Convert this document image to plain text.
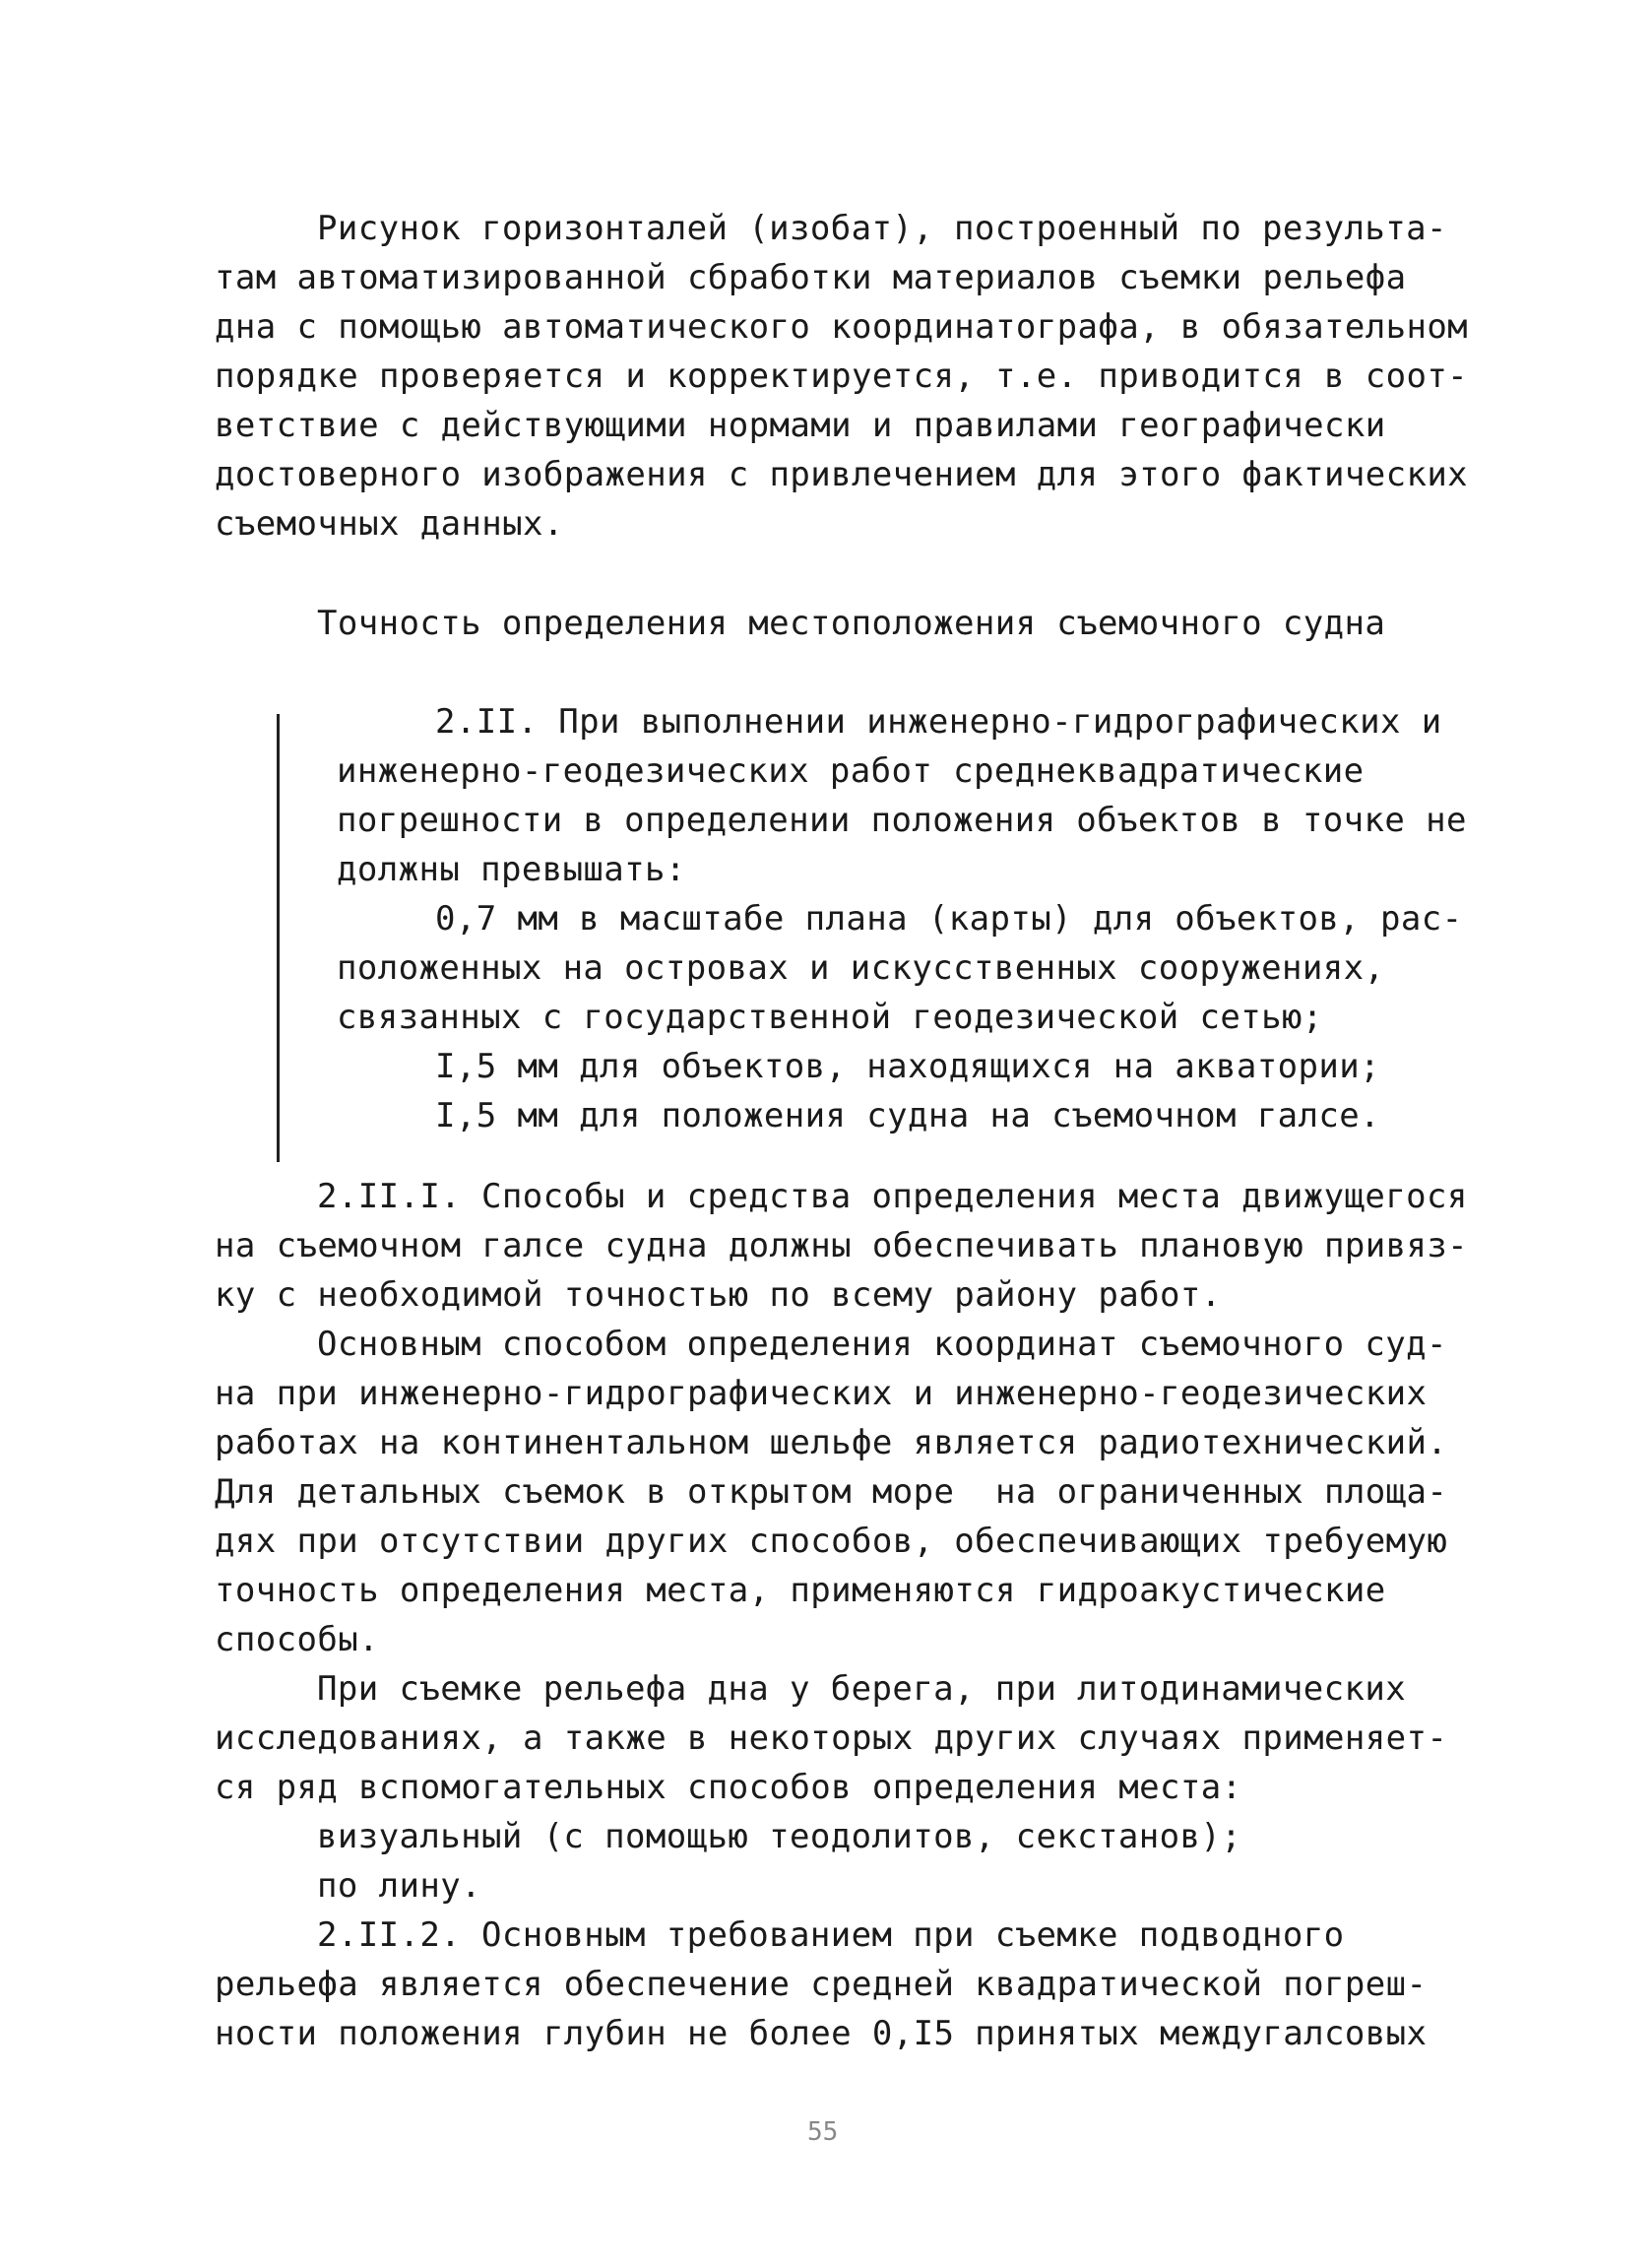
Рисунок горизонталей (изобат), построенный по результа-
там автоматизированной сбработки материалов съемки рельефа
дна с помощью автоматического координатографа, в обязательном
порядке проверяется и корректируется, т.е. приводится в соот-
ветствие с действующими нормами и правилами географически
достоверного изображения с привлечением для этого фактических
съемочных данных.
Точность определения местоположения съемочного судна
2.II. При выполнении инженерно-гидрографических и
инженерно-геодезических работ среднеквадратические
погрешности в определении положения объектов в точке не
должны превышать:
0,7 мм в масштабе плана (карты) для объектов, рас-
положенных на островах и искусственных сооружениях,
связанных с государственной геодезической сетью;
I,5 мм для объектов, находящихся на акватории;
I,5 мм для положения судна на съемочном галсе.
2.II.I. Способы и средства определения места движущегося
на съемочном галсе судна должны обеспечивать плановую привяз-
ку с необходимой точностью по всему району работ.
Основным способом определения координат съемочного суд-
на при инженерно-гидрографических и инженерно-геодезических
работах на континентальном шельфе является радиотехнический.
Для детальных съемок в открытом море  на ограниченных площа-
дях при отсутствии других способов, обеспечивающих требуемую
точность определения места, применяются гидроакустические
способы.
При съемке рельефа дна у берега, при литодинамических
исследованиях, а также в некоторых других случаях применяет-
ся ряд вспомогательных способов определения места:
визуальный (с помощью теодолитов, секстанов);
по лину.
2.II.2. Основным требованием при съемке подводного
рельефа является обеспечение средней квадратической погреш-
ности положения глубин не более 0,I5 принятых междугалсовых
55
